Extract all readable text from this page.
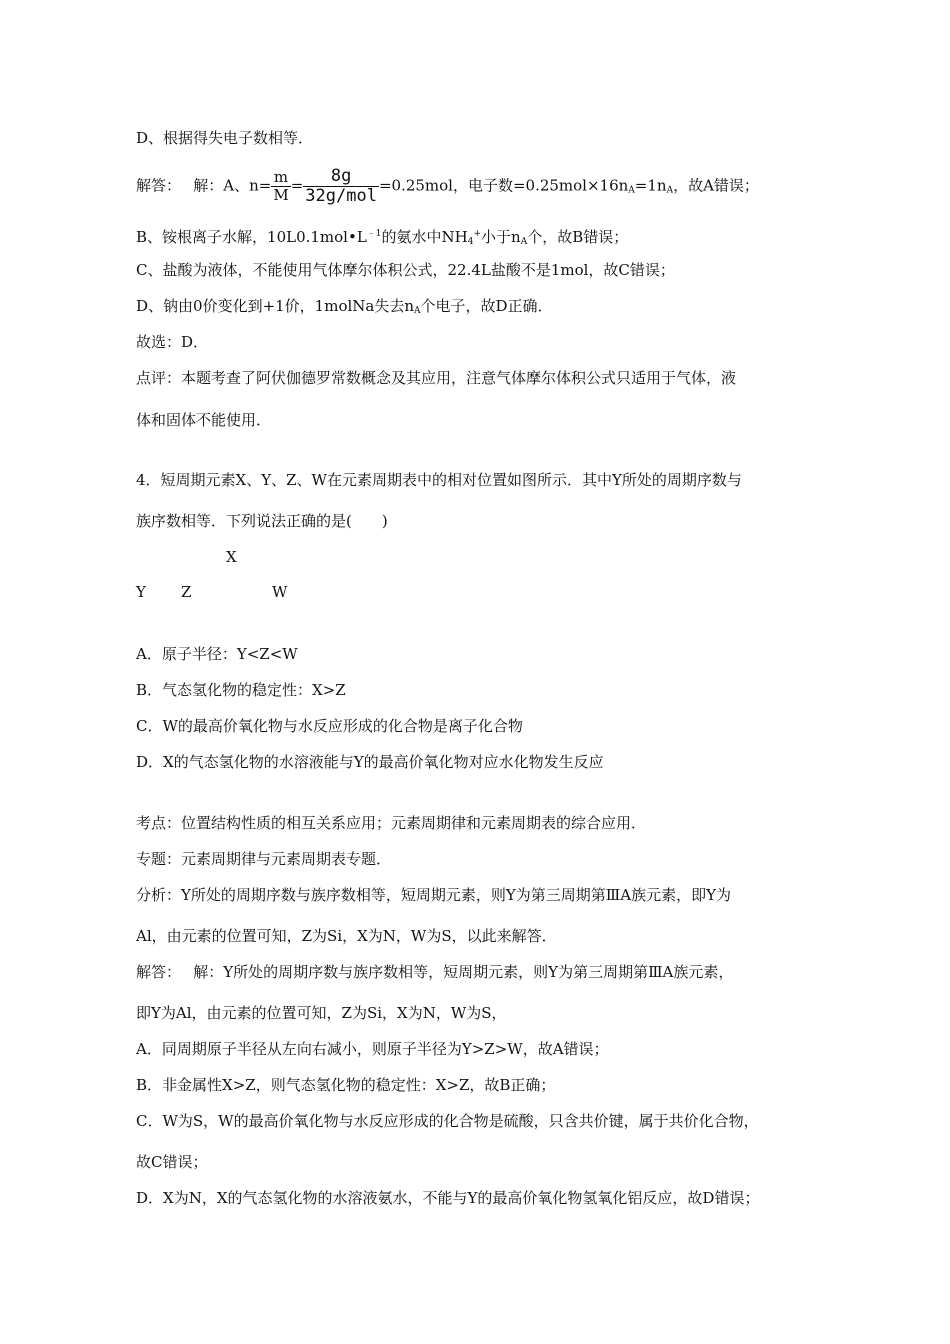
D、根据得失电子数相等．
解答：　 解：A、$n= \frac{m}{M} = \frac{8g}{\text{32g/mol}} =0.25mol$，电子数$=0.25mol\times 16n_A=1n_A$，故A错误；
B、铵根离子水解，$10L0.1mol•L^{﹣1}$的氨水中$NH_4^+$小于$n_A$个，故B错误；
C、盐酸为液体，不能使用气体摩尔体积公式，22.4L盐酸不是1mol，故C错误；
D、钠由0价变化到+1价，1molNa失去$n_A$个电子，故D正确．
故选：D．
点评：本题考查了阿伏伽德罗常数概念及其应用，注意气体摩尔体积公式只适用于气体，液
体和固体不能使用．
4．短周期元素X、Y、Z、W在元素周期表中的相对位置如图所示．其中Y所处的周期序数与
族序数相等．下列说法正确的是(　　)
X
Y Z	W
A．原子半径：Y<Z<W
B．气态氢化物的稳定性：X>Z
C．W的最高价氧化物与水反应形成的化合物是离子化合物
D．X的气态氢化物的水溶液能与Y的最高价氧化物对应水化物发生反应
考点：位置结构性质的相互关系应用；元素周期律和元素周期表的综合应用．
专题：元素周期律与元素周期表专题．
分析：Y所处的周期序数与族序数相等，短周期元素，则Y为第三周期第ⅢA族元素，即Y为
Al，由元素的位置可知，Z为Si，X为N，W为S，以此来解答．
解答：　 解：Y所处的周期序数与族序数相等，短周期元素，则Y为第三周期第ⅢA族元素，
即Y为Al，由元素的位置可知，Z为Si，X为N，W为S，
A．同周期原子半径从左向右减小，则原子半径为Y>Z>W，故A错误；
B．非金属性X>Z，则气态氢化物的稳定性：X>Z，故B正确；
C．W为S，W的最高价氧化物与水反应形成的化合物是硫酸，只含共价键，属于共价化合物，
故C错误；
D．X为N，X的气态氢化物的水溶液氨水，不能与Y的最高价氧化物氢氧化铝反应，故D错误；
